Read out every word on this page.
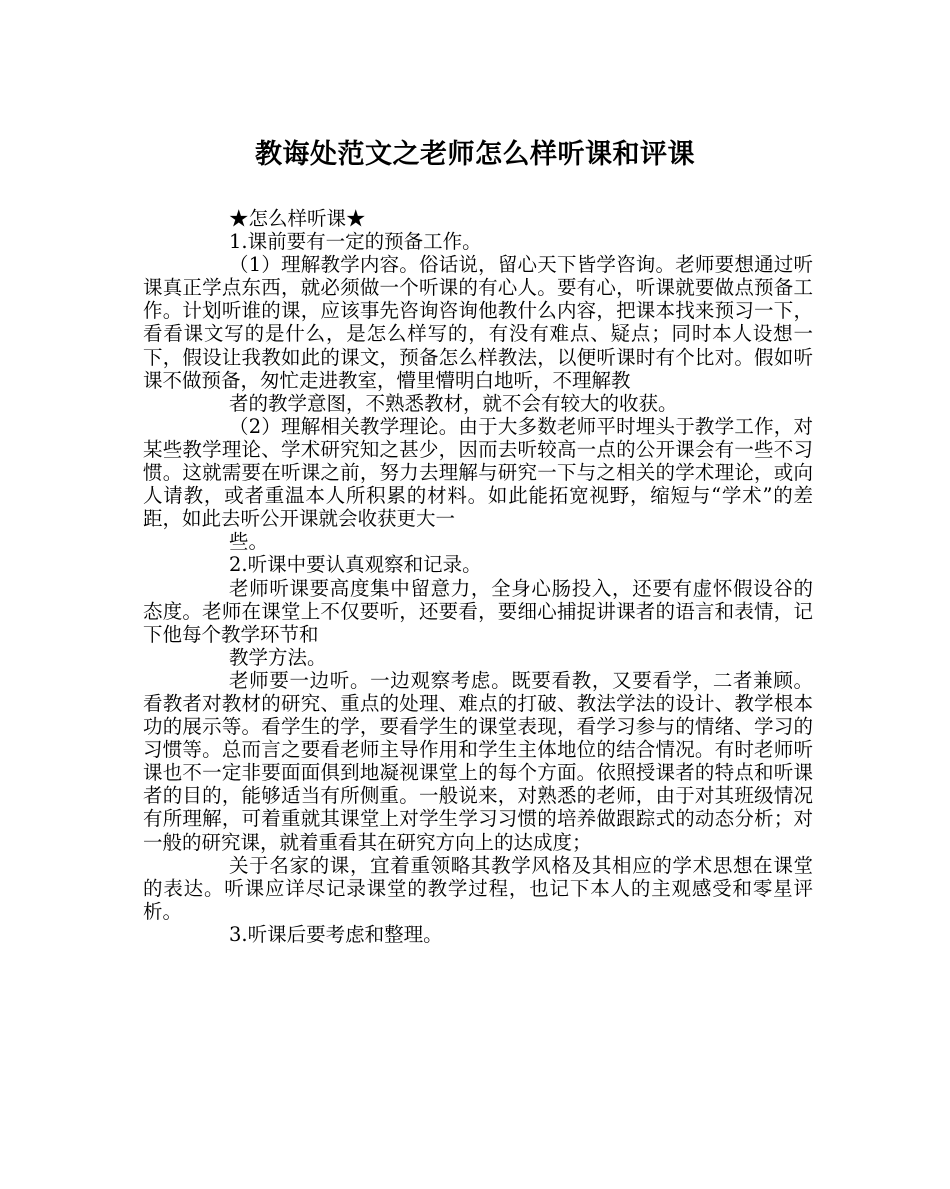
教诲处范文之老师怎么样听课和评课

★怎么样听课★

1.课前要有一定的预备工作。

（1）理解教学内容。俗话说，留心天下皆学咨询。老师要想通过听课真正学点东西，就必须做一个听课的有心人。要有心，听课就要做点预备工作。计划听谁的课，应该事先咨询咨询他教什么内容，把课本找来预习一下，看看课文写的是什么，是怎么样写的，有没有难点、疑点；同时本人设想一下，假设让我教如此的课文，预备怎么样教法，以便听课时有个比对。假如听课不做预备，匆忙走进教室，懵里懵明白地听，不理解教

者的教学意图，不熟悉教材，就不会有较大的收获。

（2）理解相关教学理论。由于大多数老师平时埋头于教学工作，对某些教学理论、学术研究知之甚少，因而去听较高一点的公开课会有一些不习惯。这就需要在听课之前，努力去理解与研究一下与之相关的学术理论，或向人请教，或者重温本人所积累的材料。如此能拓宽视野，缩短与“学术”的差距，如此去听公开课就会收获更大一

些。

2.听课中要认真观察和记录。

老师听课要高度集中留意力，全身心肠投入，还要有虚怀假设谷的态度。老师在课堂上不仅要听，还要看，要细心捕捉讲课者的语言和表情，记下他每个教学环节和

教学方法。

老师要一边听。一边观察考虑。既要看教，又要看学，二者兼顾。看教者对教材的研究、重点的处理、难点的打破、教法学法的设计、教学根本功的展示等。看学生的学，要看学生的课堂表现，看学习参与的情绪、学习的习惯等。总而言之要看老师主导作用和学生主体地位的结合情况。有时老师听课也不一定非要面面俱到地凝视课堂上的每个方面。依照授课者的特点和听课者的目的，能够适当有所侧重。一般说来，对熟悉的老师，由于对其班级情况有所理解，可着重就其课堂上对学生学习习惯的培养做跟踪式的动态分析；对一般的研究课，就着重看其在研究方向上的达成度；

关于名家的课，宜着重领略其教学风格及其相应的学术思想在课堂的表达。听课应详尽记录课堂的教学过程，也记下本人的主观感受和零星评析。

3.听课后要考虑和整理。
